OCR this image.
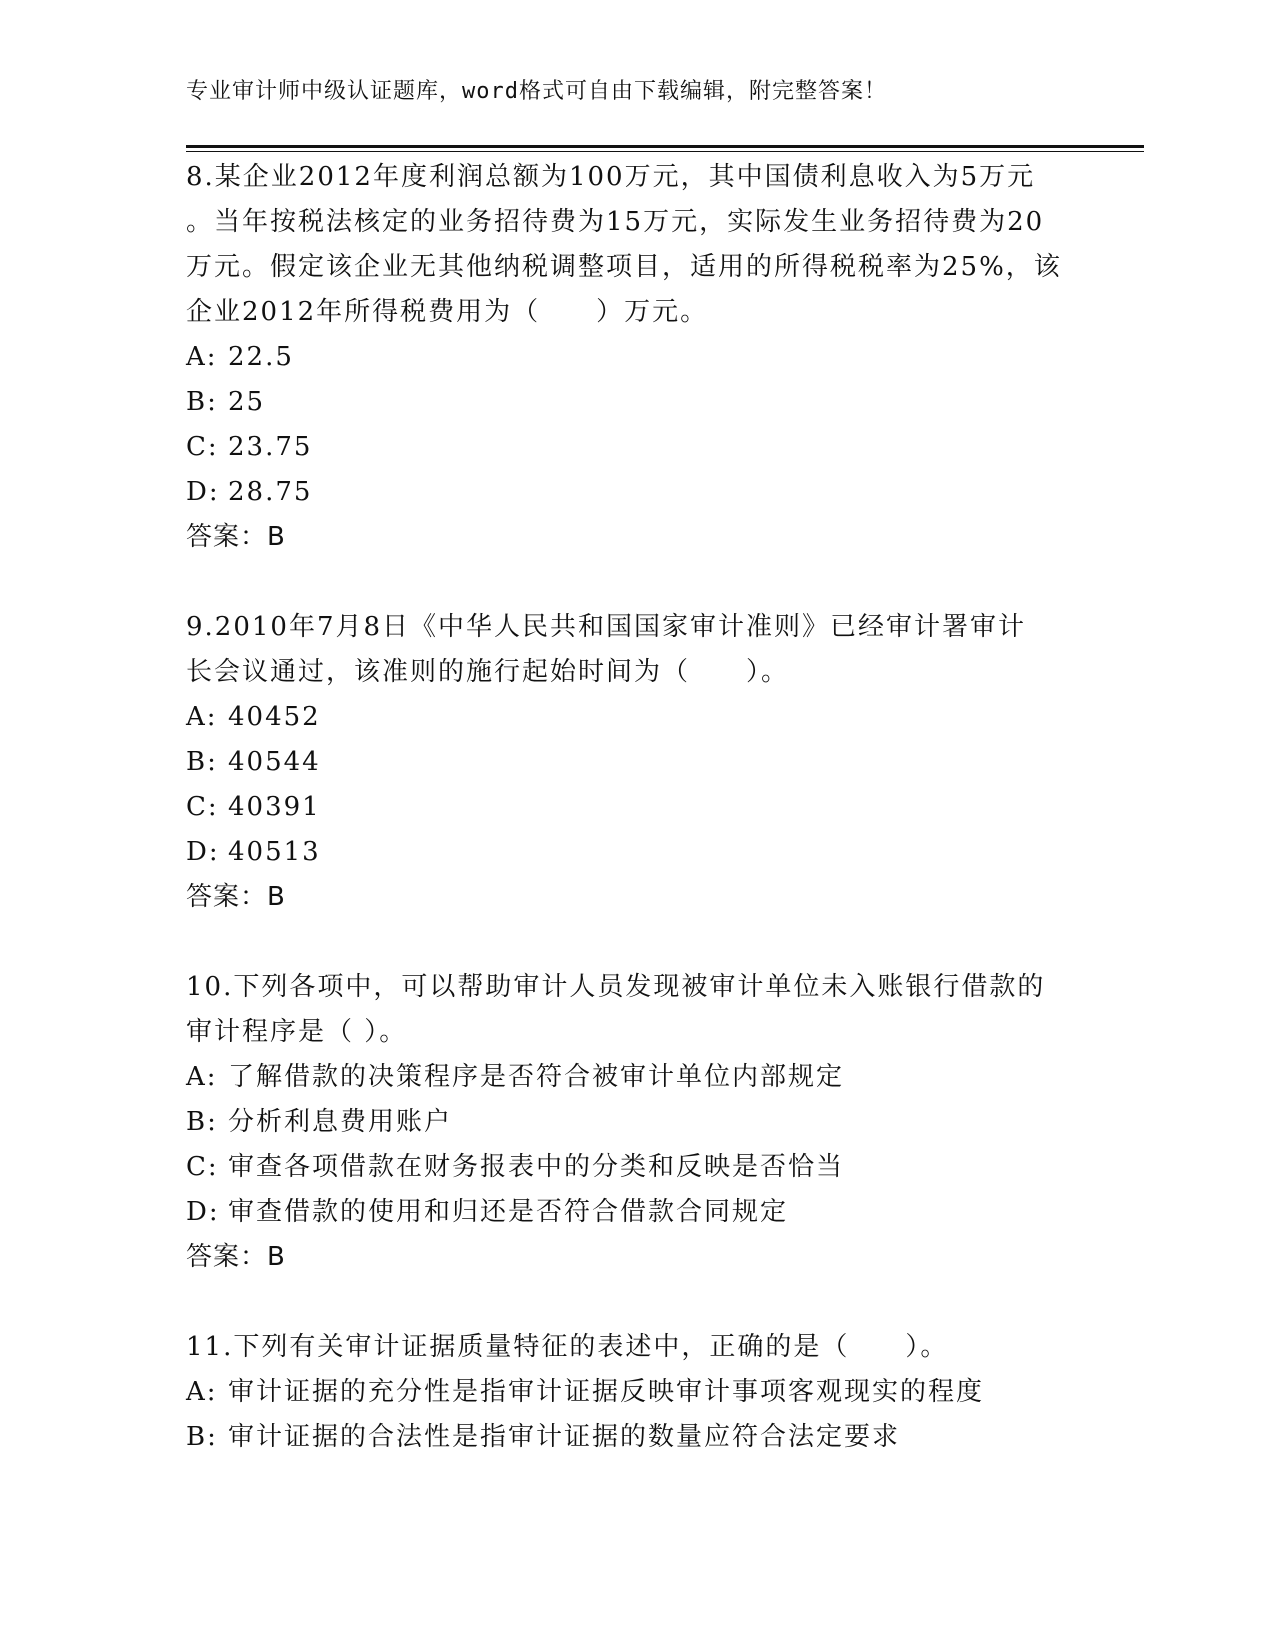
专业审计师中级认证题库，word格式可自由下载编辑，附完整答案！

8.某企业2012年度利润总额为100万元，其中国债利息收入为5万元

。当年按税法核定的业务招待费为15万元，实际发生业务招待费为20

万元。假定该企业无其他纳税调整项目，适用的所得税税率为25%，该

企业2012年所得税费用为（　　）万元。

A: 22.5

B: 25

C: 23.75

D: 28.75

答案：B

9.2010年7月8日《中华人民共和国国家审计准则》已经审计署审计

长会议通过，该准则的施行起始时间为（　　）。

A: 40452

B: 40544

C: 40391

D: 40513

答案：B

10.下列各项中，可以帮助审计人员发现被审计单位未入账银行借款的

审计程序是（ ）。

A: 了解借款的决策程序是否符合被审计单位内部规定

B: 分析利息费用账户

C: 审查各项借款在财务报表中的分类和反映是否恰当

D: 审查借款的使用和归还是否符合借款合同规定

答案：B

11.下列有关审计证据质量特征的表述中，正确的是（　　）。

A: 审计证据的充分性是指审计证据反映审计事项客观现实的程度

B: 审计证据的合法性是指审计证据的数量应符合法定要求
